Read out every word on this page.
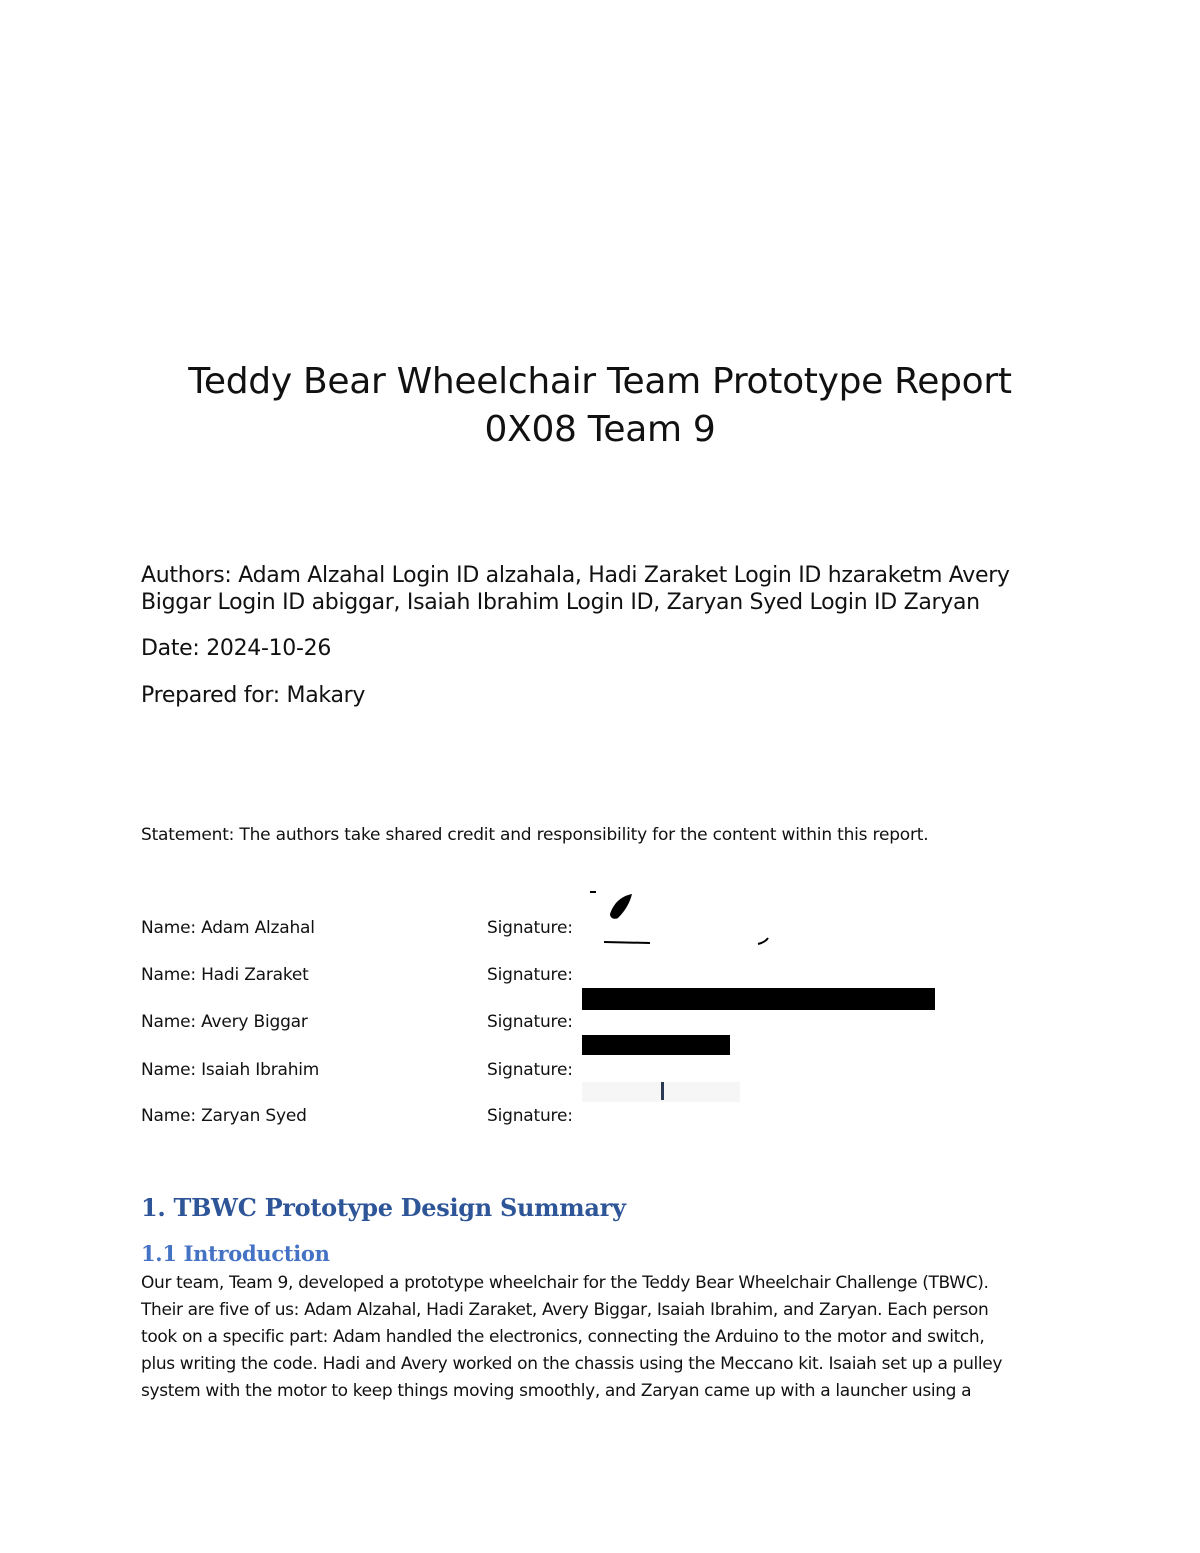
Teddy Bear Wheelchair Team Prototype Report
0X08 Team 9
Authors: Adam Alzahal Login ID alzahala, Hadi Zaraket Login ID hzaraketm Avery
Biggar Login ID abiggar, Isaiah Ibrahim Login ID, Zaryan Syed Login ID Zaryan
Date: 2024-10-26
Prepared for: Makary
Statement: The authors take shared credit and responsibility for the content within this report.
Name: Adam Alzahal	Signature:
Name: Hadi Zaraket	Signature:
Name: Avery Biggar	Signature:
Name: Isaiah Ibrahim	Signature:
Name: Zaryan Syed	Signature:
1. TBWC Prototype Design Summary
1.1 Introduction
Our team, Team 9, developed a prototype wheelchair for the Teddy Bear Wheelchair Challenge (TBWC).
Their are five of us: Adam Alzahal, Hadi Zaraket, Avery Biggar, Isaiah Ibrahim, and Zaryan. Each person
took on a specific part: Adam handled the electronics, connecting the Arduino to the motor and switch,
plus writing the code. Hadi and Avery worked on the chassis using the Meccano kit. Isaiah set up a pulley
system with the motor to keep things moving smoothly, and Zaryan came up with a launcher using a
